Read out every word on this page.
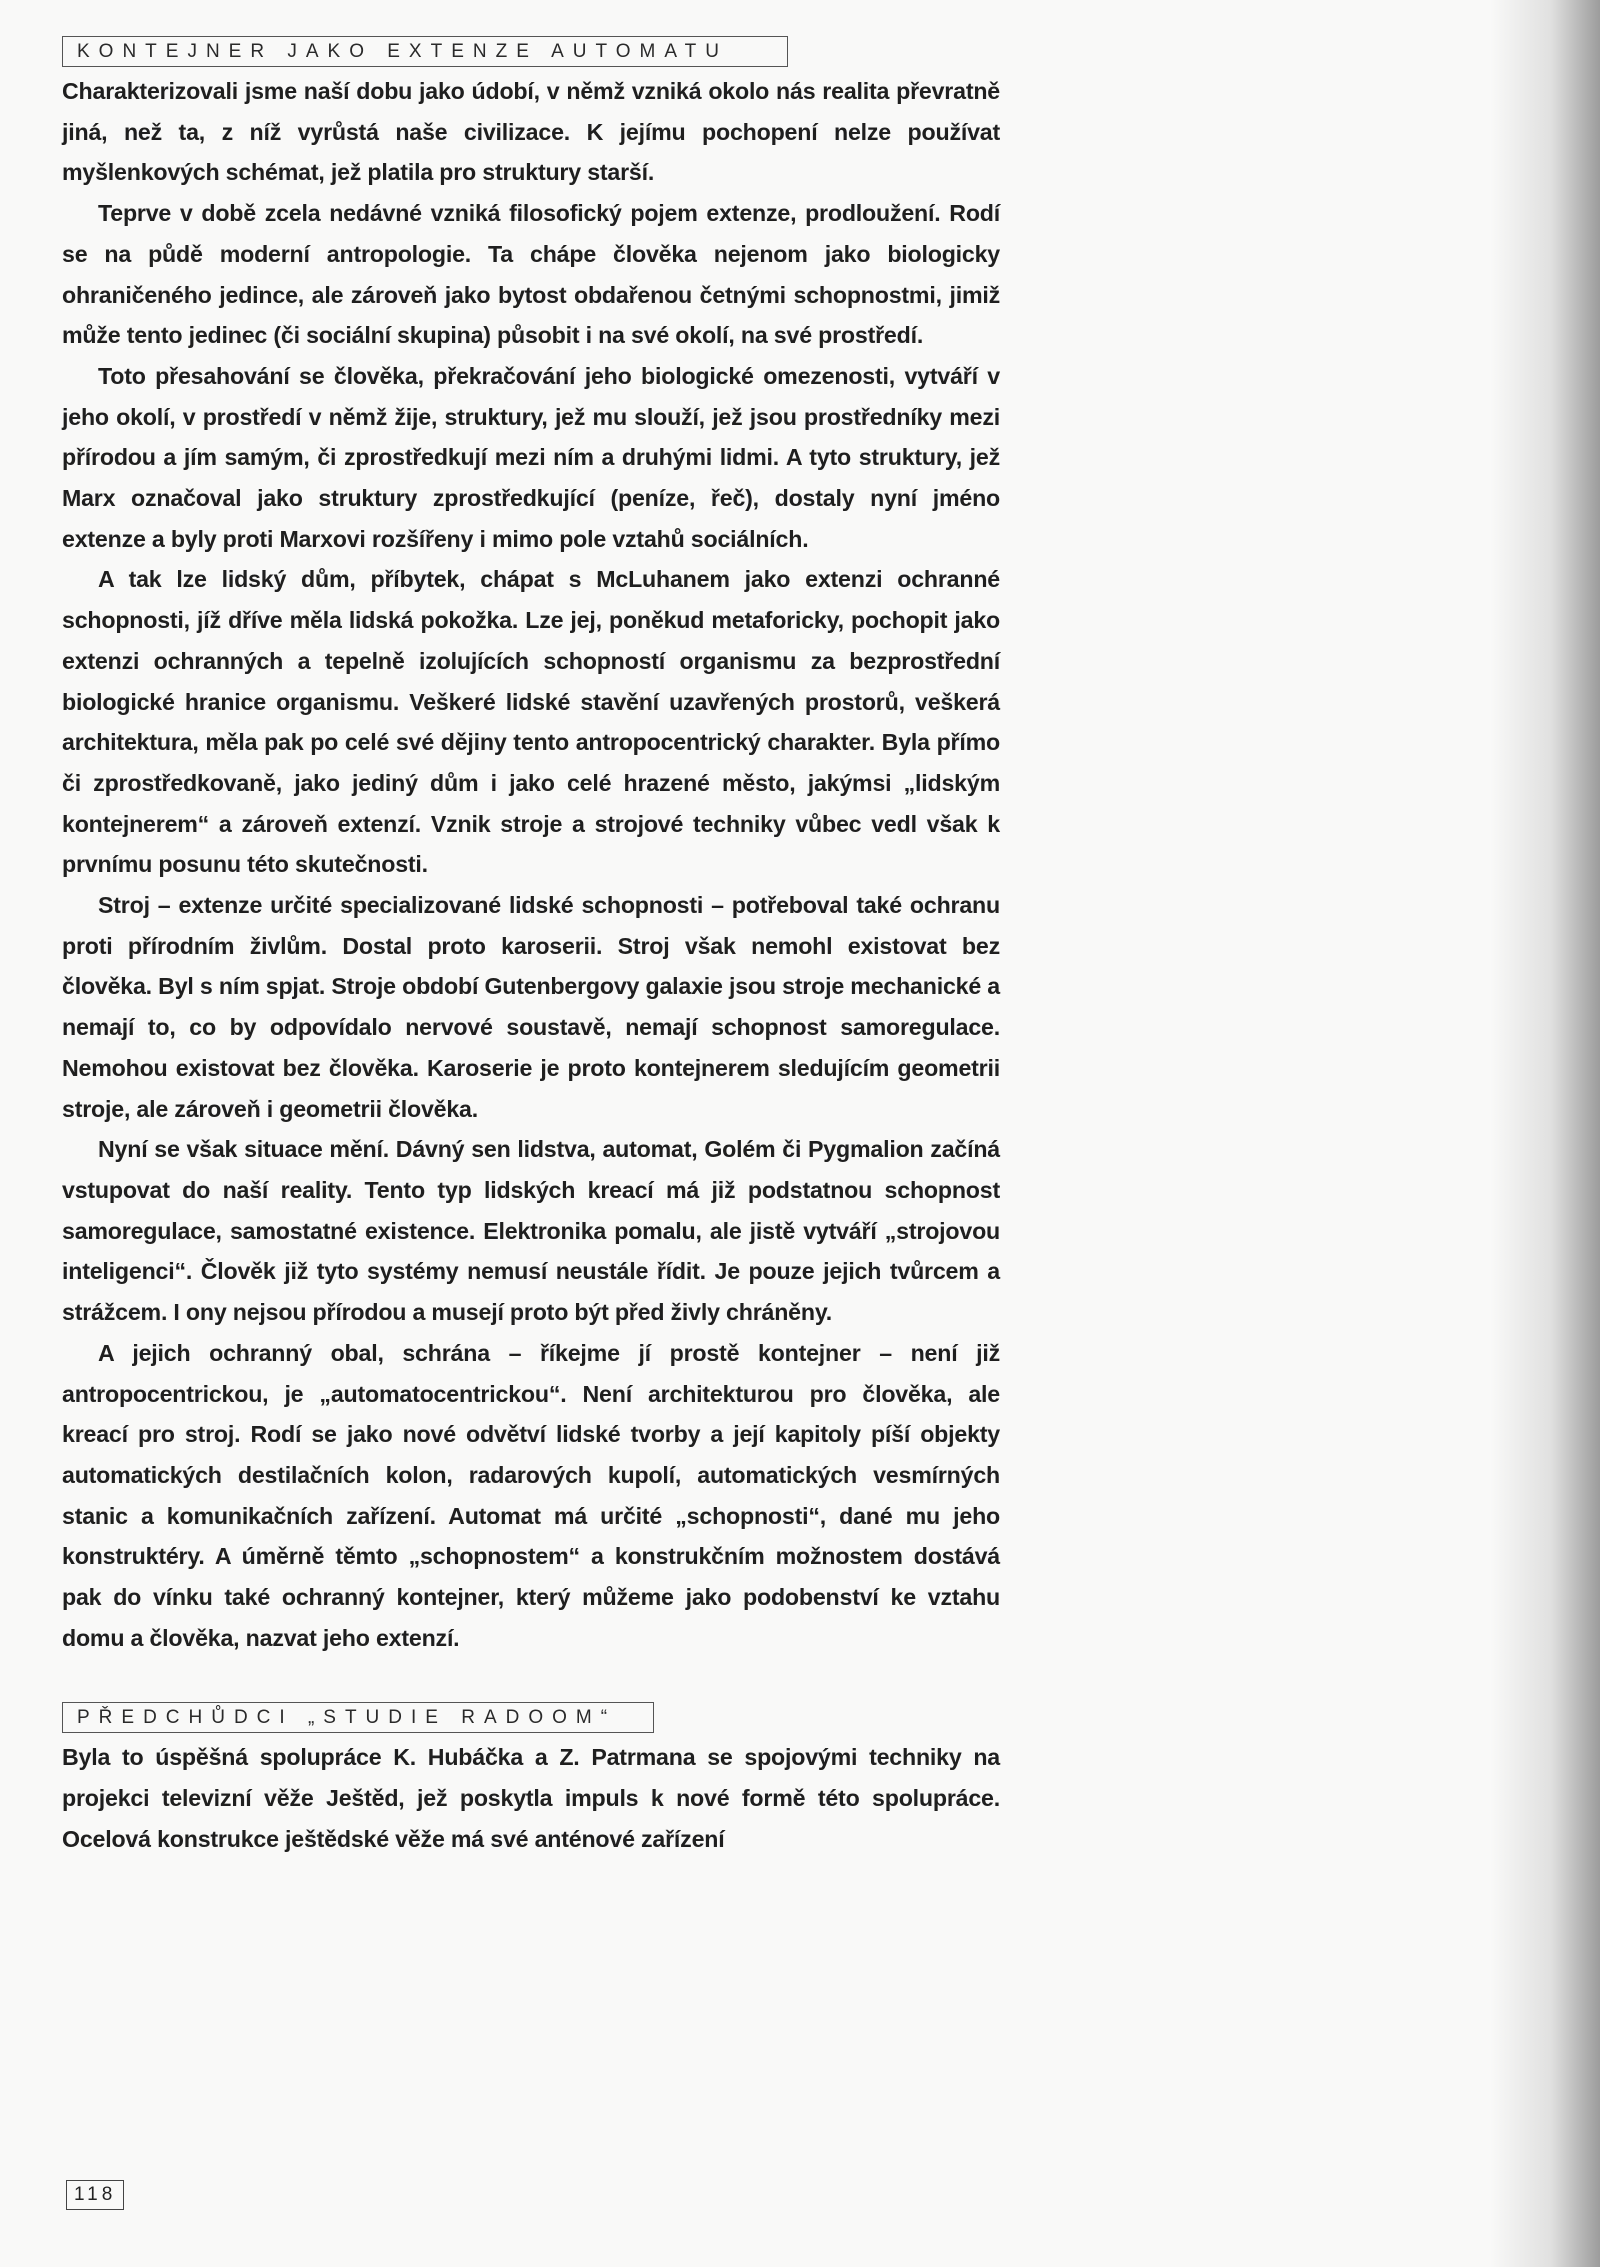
KONTEJNER JAKO EXTENZE AUTOMATU

Charakterizovali jsme naší dobu jako údobí, v němž vzniká okolo nás realita převratně jiná, než ta, z níž vyrůstá naše civilizace. K jejímu pochopení nelze používat myšlenkových schémat, jež platila pro struktury starší.

Teprve v době zcela nedávné vzniká filosofický pojem extenze, prodloužení. Rodí se na půdě moderní antropologie. Ta chápe člověka nejenom jako biologicky ohraničeného jedince, ale zároveň jako bytost obdařenou četnými schopnostmi, jimiž může tento jedinec (či sociální skupina) působit i na své okolí, na své prostředí.

Toto přesahování se člověka, překračování jeho biologické omezenosti, vytváří v jeho okolí, v prostředí v němž žije, struktury, jež mu slouží, jež jsou prostředníky mezi přírodou a jím samým, či zprostředkují mezi ním a druhými lidmi. A tyto struktury, jež Marx označoval jako struktury zprostředkující (peníze, řeč), dostaly nyní jméno extenze a byly proti Marxovi rozšířeny i mimo pole vztahů sociálních.

A tak lze lidský dům, příbytek, chápat s McLuhanem jako extenzi ochranné schopnosti, jíž dříve měla lidská pokožka. Lze jej, poněkud metaforicky, pochopit jako extenzi ochranných a tepelně izolujících schopností organismu za bezprostřední biologické hranice organismu. Veškeré lidské stavění uzavřených prostorů, veškerá architektura, měla pak po celé své dějiny tento antropocentrický charakter. Byla přímo či zprostředkovaně, jako jediný dům i jako celé hrazené město, jakýmsi „lidským kontejnerem“ a zároveň extenzí. Vznik stroje a strojové techniky vůbec vedl však k prvnímu posunu této skutečnosti.

Stroj – extenze určité specializované lidské schopnosti – potřeboval také ochranu proti přírodním živlům. Dostal proto karoserii. Stroj však nemohl existovat bez člověka. Byl s ním spjat. Stroje období Gutenbergovy galaxie jsou stroje mechanické a nemají to, co by odpovídalo nervové soustavě, nemají schopnost samoregulace. Nemohou existovat bez člověka. Karoserie je proto kontejnerem sledujícím geometrii stroje, ale zároveň i geometrii člověka.

Nyní se však situace mění. Dávný sen lidstva, automat, Golém či Pygmalion začíná vstupovat do naší reality. Tento typ lidských kreací má již podstatnou schopnost samoregulace, samostatné existence. Elektronika pomalu, ale jistě vytváří „strojovou inteligenci“. Člověk již tyto systémy nemusí neustále řídit. Je pouze jejich tvůrcem a strážcem. I ony nejsou přírodou a musejí proto být před živly chráněny.

A jejich ochranný obal, schrána – říkejme jí prostě kontejner – není již antropocentrickou, je „automatocentrickou“. Není architekturou pro člověka, ale kreací pro stroj. Rodí se jako nové odvětví lidské tvorby a její kapitoly píší objekty automatických destilačních kolon, radarových kupolí, automatických vesmírných stanic a komunikačních zařízení. Automat má určité „schopnosti“, dané mu jeho konstruktéry. A úměrně těmto „schopnostem“ a konstrukčním možnostem dostává pak do vínku také ochranný kontejner, který můžeme jako podobenství ke vztahu domu a člověka, nazvat jeho extenzí.

PŘEDCHŮDCI „STUDIE RADOOM“

Byla to úspěšná spolupráce K. Hubáčka a Z. Patrmana se spojovými techniky na projekci televizní věže Ještěd, jež poskytla impuls k nové formě této spolupráce. Ocelová konstrukce ještědské věže má své anténové zařízení

118
